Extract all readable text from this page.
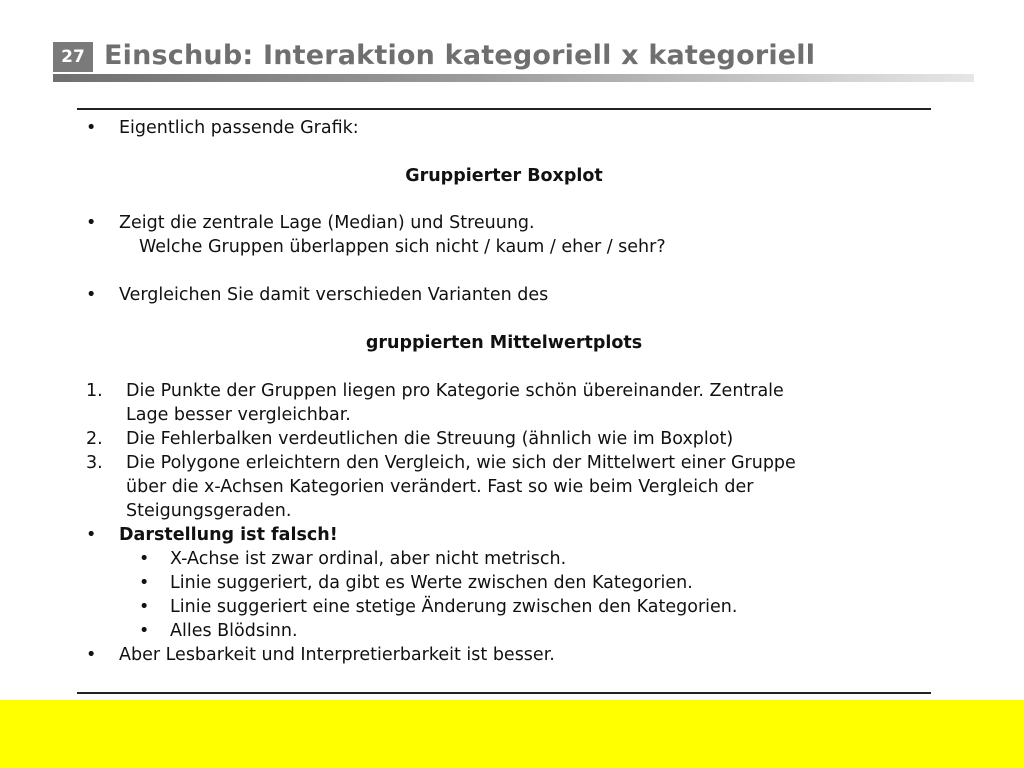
27 Einschub: Interaktion kategoriell x kategoriell
• Eigentlich passende Grafik:
Gruppierter Boxplot
• Zeigt die zentrale Lage (Median) und Streuung.
Welche Gruppen überlappen sich nicht / kaum / eher / sehr?
• Vergleichen Sie damit verschieden Varianten des
gruppierten Mittelwertplots
1. Die Punkte der Gruppen liegen pro Kategorie schön übereinander. Zentrale
Lage besser vergleichbar.
2. Die Fehlerbalken verdeutlichen die Streuung (ähnlich wie im Boxplot)
3. Die Polygone erleichtern den Vergleich, wie sich der Mittelwert einer Gruppe
über die x-Achsen Kategorien verändert. Fast so wie beim Vergleich der
Steigungsgeraden.
• Darstellung ist falsch!
• X-Achse ist zwar ordinal, aber nicht metrisch.
• Linie suggeriert, da gibt es Werte zwischen den Kategorien.
• Linie suggeriert eine stetige Änderung zwischen den Kategorien.
• Alles Blödsinn.
• Aber Lesbarkeit und Interpretierbarkeit ist besser.
